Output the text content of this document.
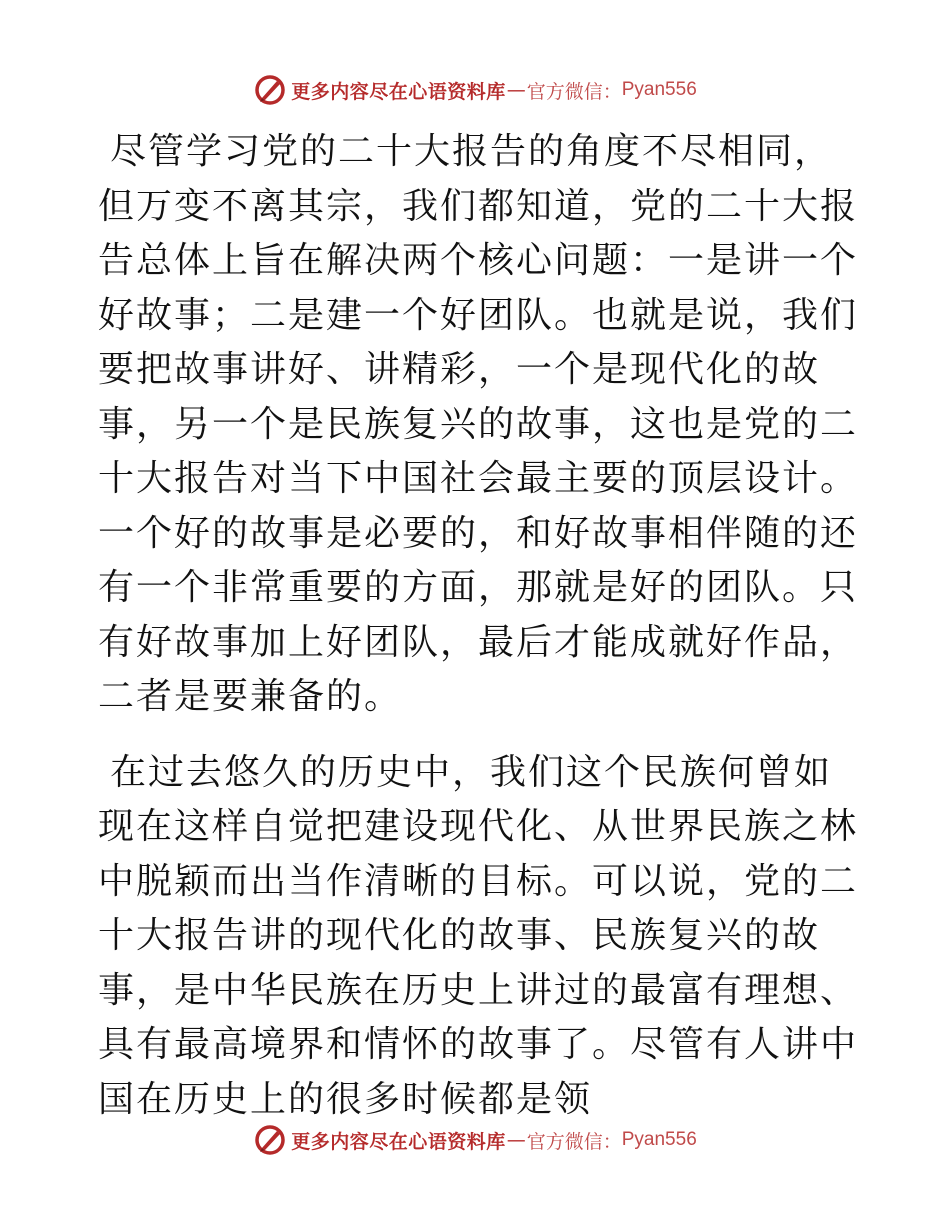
更多内容尽在心语资料库 — 官方微信： Pyan556

尽管学习党的二十大报告的角度不尽相同，但万变不离其宗，我们都知道，党的二十大报告总体上旨在解决两个核心问题：一是讲一个好故事；二是建一个好团队。也就是说，我们要把故事讲好、讲精彩，一个是现代化的故事，另一个是民族复兴的故事，这也是党的二十大报告对当下中国社会最主要的顶层设计。一个好的故事是必要的，和好故事相伴随的还有一个非常重要的方面，那就是好的团队。只有好故事加上好团队，最后才能成就好作品，二者是要兼备的。

在过去悠久的历史中，我们这个民族何曾如现在这样自觉把建设现代化、从世界民族之林中脱颖而出当作清晰的目标。可以说，党的二十大报告讲的现代化的故事、民族复兴的故事，是中华民族在历史上讲过的最富有理想、具有最高境界和情怀的故事了。尽管有人讲中国在历史上的很多时候都是领

更多内容尽在心语资料库 — 官方微信： Pyan556
